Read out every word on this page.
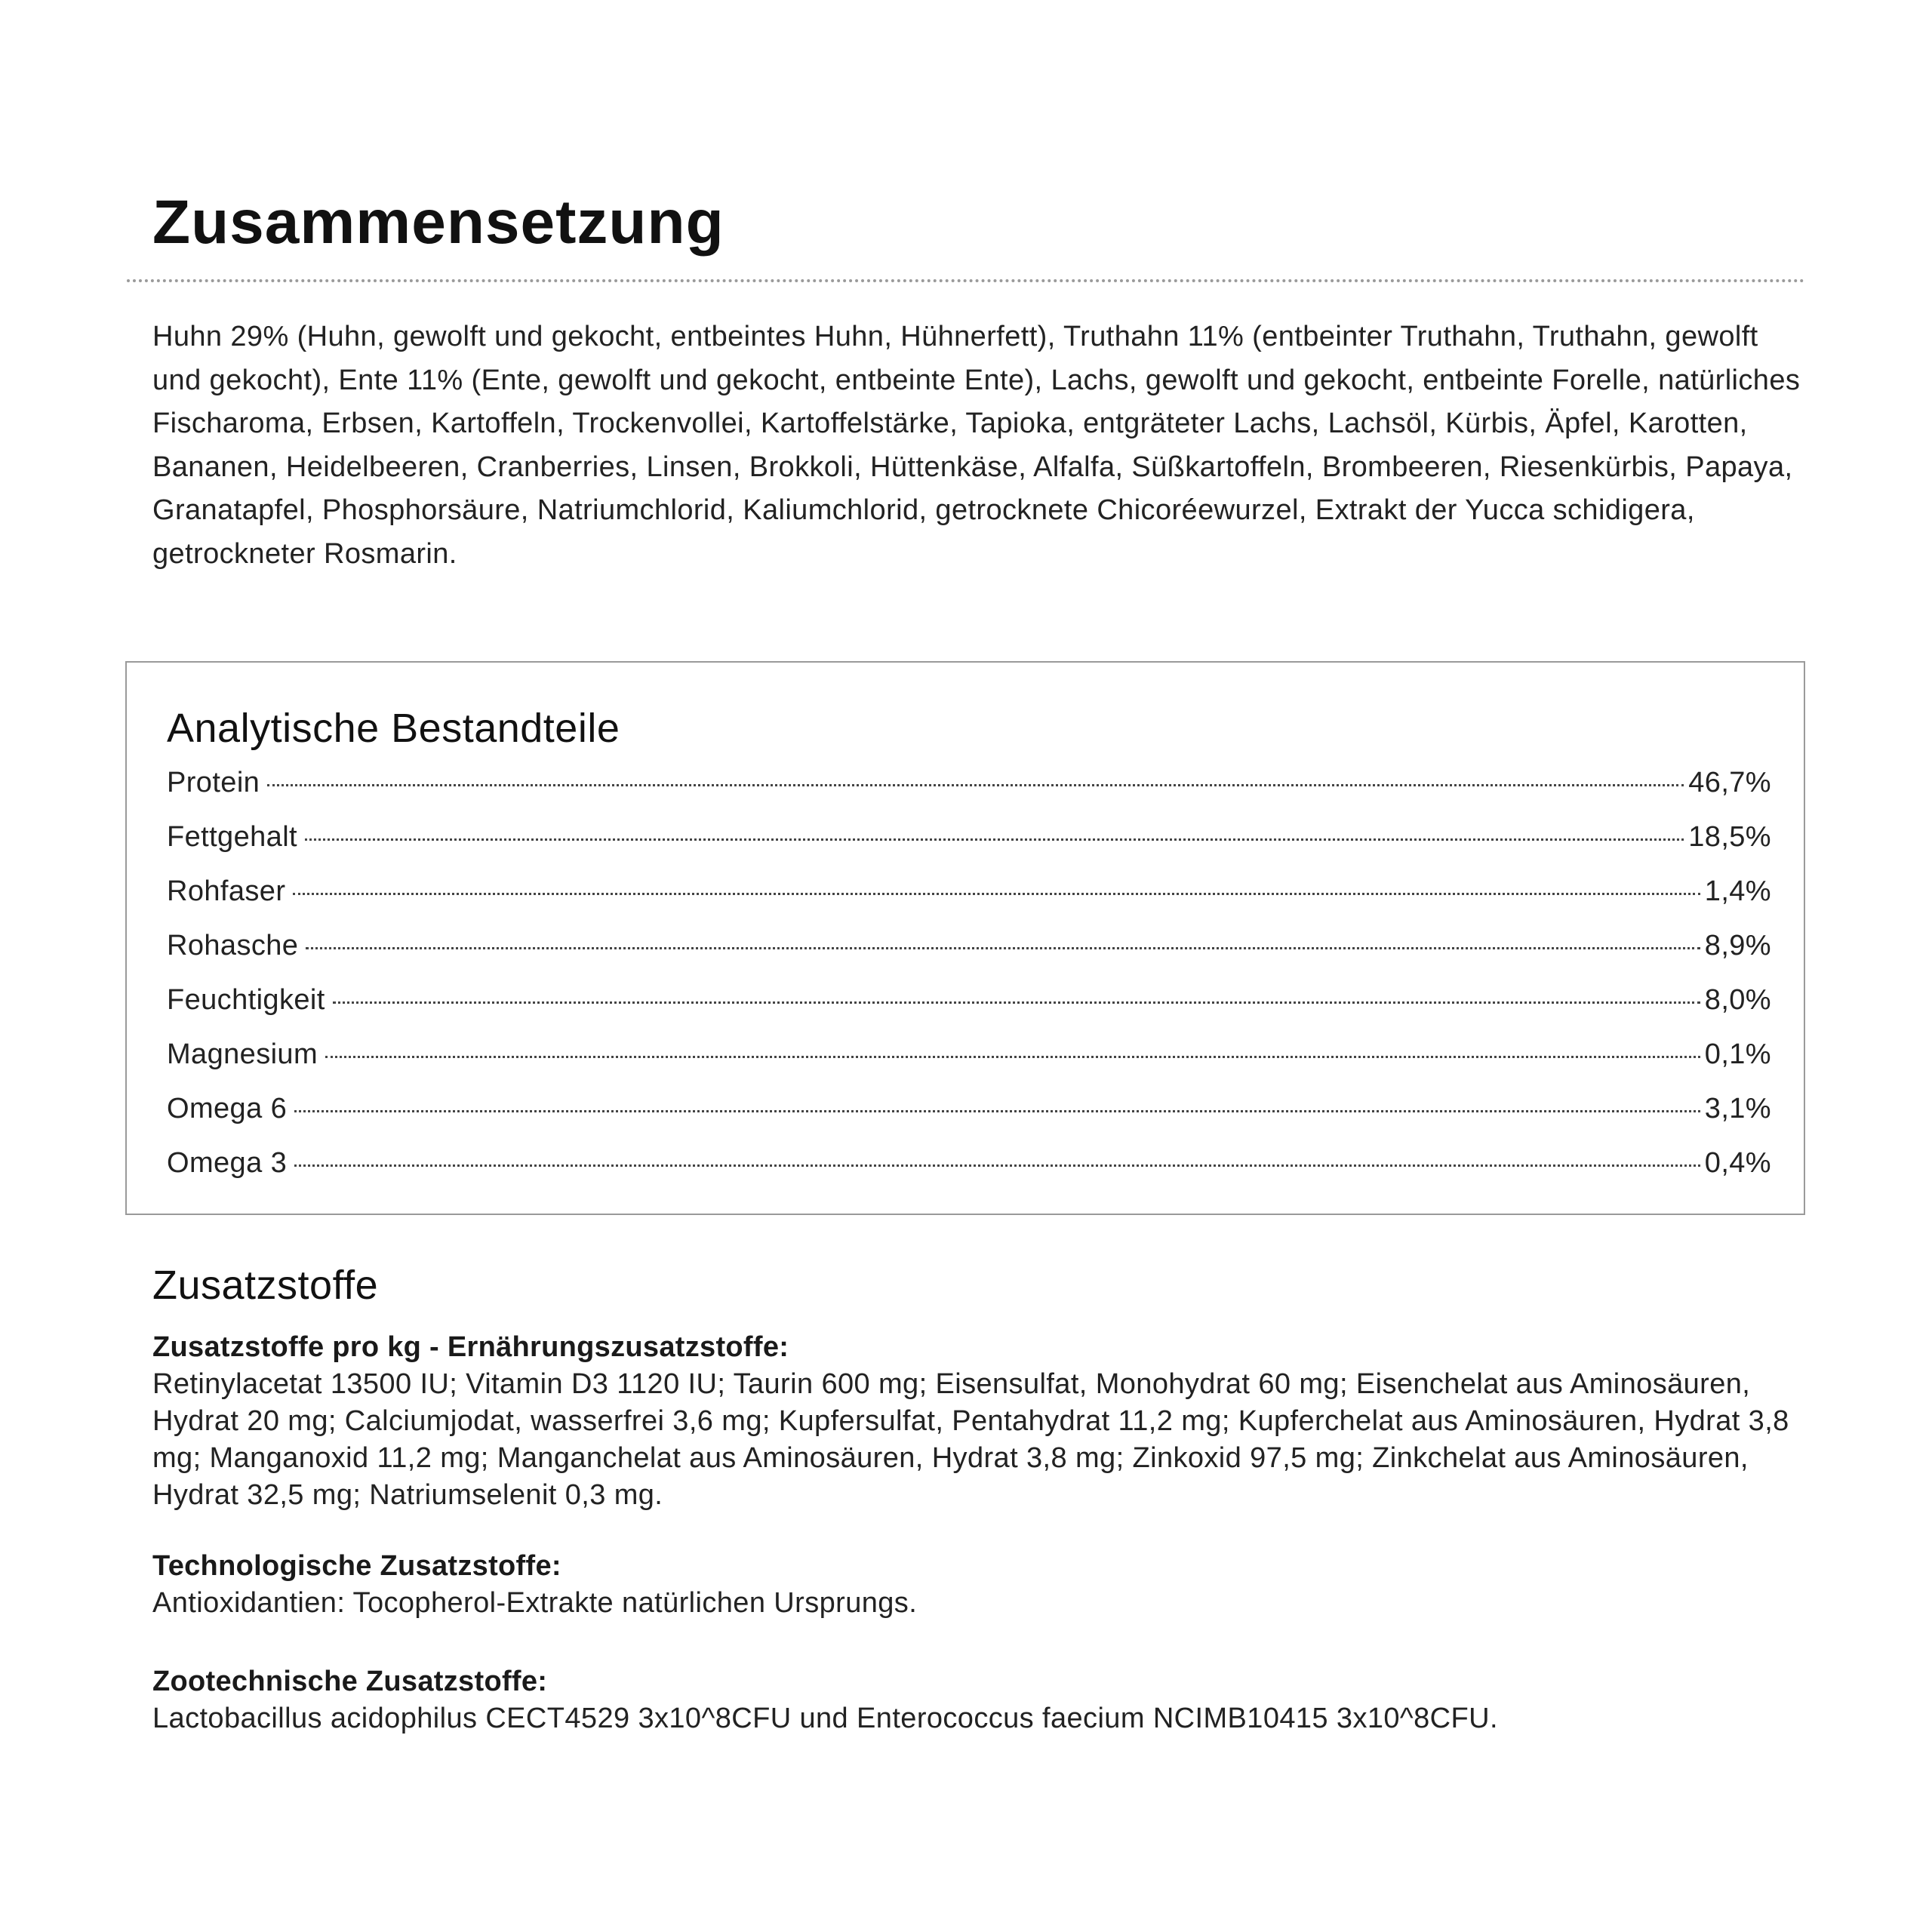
Zusammensetzung

Huhn 29% (Huhn, gewolft und gekocht, entbeintes Huhn, Hühnerfett), Truthahn 11% (entbeinter Truthahn, Truthahn, gewolft und gekocht), Ente 11% (Ente, gewolft und gekocht, entbeinte Ente), Lachs, gewolft und gekocht, entbeinte Forelle, natürliches Fischaroma, Erbsen, Kartoffeln, Trockenvollei, Kartoffelstärke, Tapioka, entgräteter Lachs, Lachsöl, Kürbis, Äpfel, Karotten, Bananen, Heidelbeeren, Cranberries, Linsen, Brokkoli, Hüttenkäse, Alfalfa, Süßkartoffeln, Brombeeren, Riesenkürbis, Papaya, Granatapfel, Phosphorsäure, Natriumchlorid, Kaliumchlorid, getrocknete Chicoréewurzel, Extrakt der Yucca schidigera, getrockneter Rosmarin.

Analytische Bestandteile
Protein	46,7%
Fettgehalt	18,5%
Rohfaser	1,4%
Rohasche	8,9%
Feuchtigkeit	8,0%
Magnesium	0,1%
Omega 6	3,1%
Omega 3	0,4%
Zusatzstoffe

Zusatzstoffe pro kg - Ernährungszusatzstoffe:

Retinylacetat 13500 IU; Vitamin D3 1120 IU; Taurin 600 mg; Eisensulfat, Monohydrat 60 mg; Eisenchelat aus Aminosäuren, Hydrat 20 mg; Calciumjodat, wasserfrei 3,6 mg; Kupfersulfat, Pentahydrat 11,2 mg; Kupferchelat aus Aminosäuren, Hydrat 3,8 mg; Manganoxid 11,2 mg; Manganchelat aus Aminosäuren, Hydrat 3,8 mg; Zinkoxid 97,5 mg; Zinkchelat aus Aminosäuren, Hydrat 32,5 mg; Natriumselenit 0,3 mg.

Technologische Zusatzstoffe:

Antioxidantien: Tocopherol-Extrakte natürlichen Ursprungs.

Zootechnische Zusatzstoffe:

Lactobacillus acidophilus CECT4529 3x10^8CFU und Enterococcus faecium NCIMB10415 3x10^8CFU.
